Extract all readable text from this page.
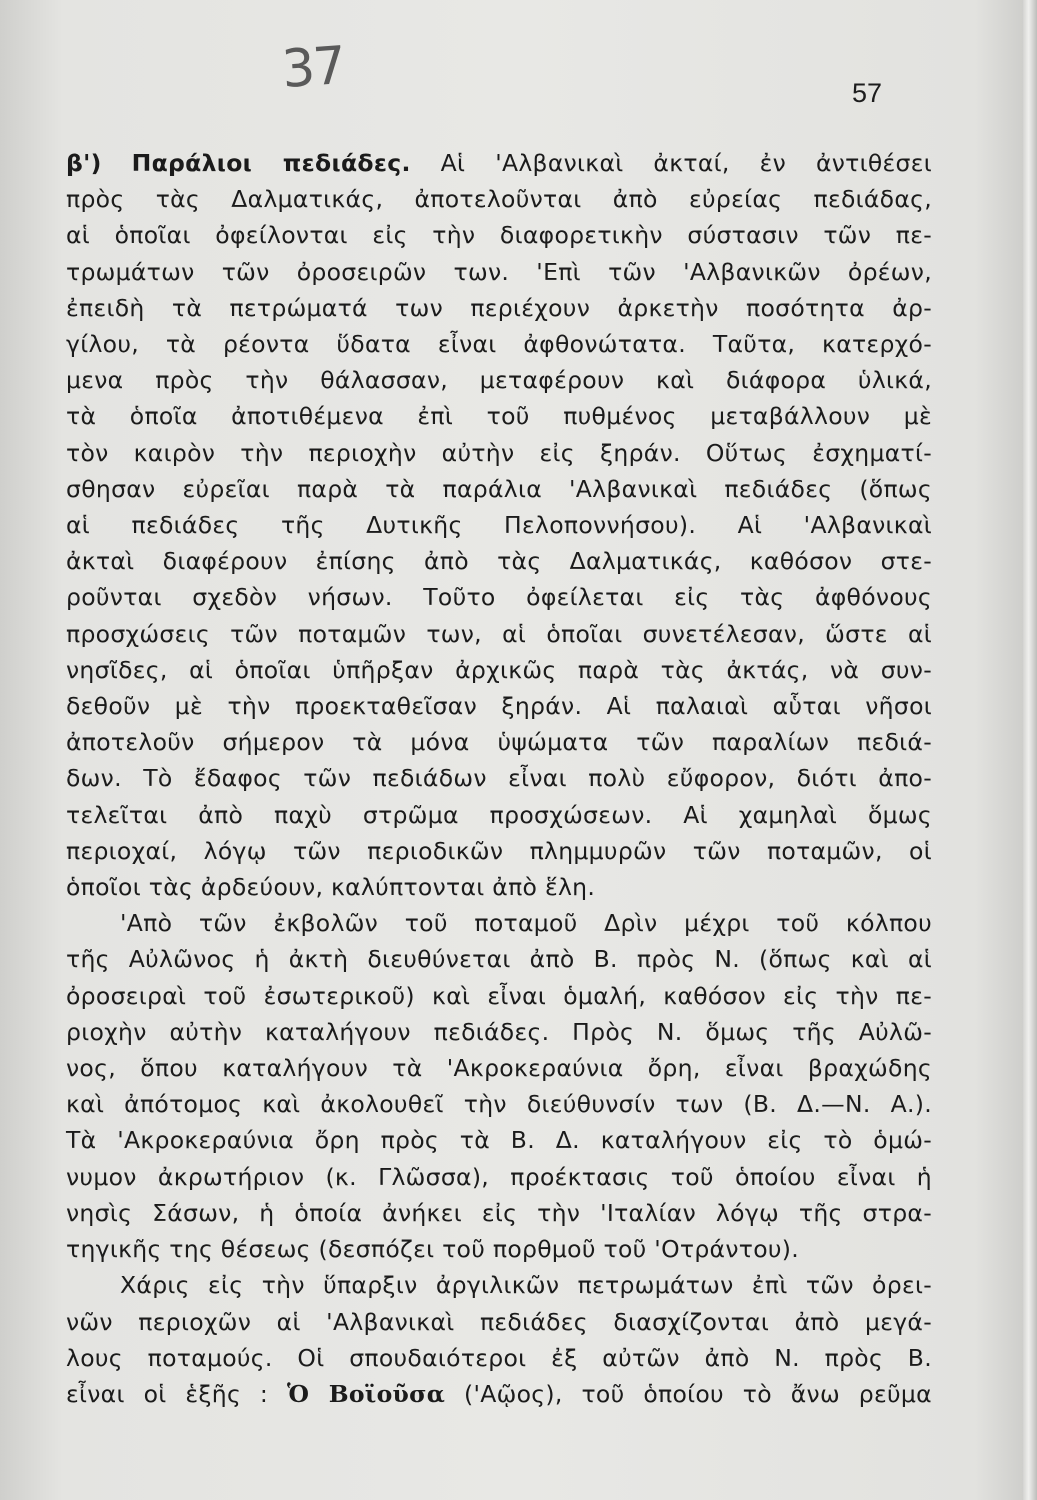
37	57

β') Παράλιοι πεδιάδες. Αἱ 'Αλβανικαὶ ἀκταί, ἐν ἀντιθέσει

πρὸς τὰς Δαλματικάς, ἀποτελοῦνται ἀπὸ εὐρείας πεδιάδας,

αἱ ὁποῖαι ὀφείλονται εἰς τὴν διαφορετικὴν σύστασιν τῶν πε-

τρωμάτων τῶν ὀροσειρῶν των. 'Επὶ τῶν 'Αλβανικῶν ὀρέων,

ἐπειδὴ τὰ πετρώματά των περιέχουν ἀρκετὴν ποσότητα ἀρ-

γίλου, τὰ ρέοντα ὕδατα εἶναι ἀφθονώτατα. Ταῦτα, κατερχό-

μενα πρὸς τὴν θάλασσαν, μεταφέρουν καὶ διάφορα ὑλικά,

τὰ ὁποῖα ἀποτιθέμενα ἐπὶ τοῦ πυθμένος μεταβάλλουν μὲ

τὸν καιρὸν τὴν περιοχὴν αὐτὴν εἰς ξηράν. Οὕτως ἐσχηματί-

σθησαν εὐρεῖαι παρὰ τὰ παράλια 'Αλβανικαὶ πεδιάδες (ὅπως

αἱ πεδιάδες τῆς Δυτικῆς Πελοποννήσου). Αἱ 'Αλβανικαὶ

ἀκταὶ διαφέρουν ἐπίσης ἀπὸ τὰς Δαλματικάς, καθόσον στε-

ροῦνται σχεδὸν νήσων. Τοῦτο ὀφείλεται εἰς τὰς ἀφθόνους

προσχώσεις τῶν ποταμῶν των, αἱ ὁποῖαι συνετέλεσαν, ὥστε αἱ

νησῖδες, αἱ ὁποῖαι ὑπῆρξαν ἀρχικῶς παρὰ τὰς ἀκτάς, νὰ συν-

δεθοῦν μὲ τὴν προεκταθεῖσαν ξηράν. Αἱ παλαιαὶ αὗται νῆσοι

ἀποτελοῦν σήμερον τὰ μόνα ὑψώματα τῶν παραλίων πεδιά-

δων. Τὸ ἔδαφος τῶν πεδιάδων εἶναι πολὺ εὔφορον, διότι ἀπο-

τελεῖται ἀπὸ παχὺ στρῶμα προσχώσεων. Αἱ χαμηλαὶ ὅμως

περιοχαί, λόγῳ τῶν περιοδικῶν πλημμυρῶν τῶν ποταμῶν, οἱ

ὁποῖοι τὰς ἀρδεύουν, καλύπτονται ἀπὸ ἕλη.

'Απὸ τῶν ἐκβολῶν τοῦ ποταμοῦ Δρὶν μέχρι τοῦ κόλπου

τῆς Αὐλῶνος ἡ ἀκτὴ διευθύνεται ἀπὸ Β. πρὸς Ν. (ὅπως καὶ αἱ

ὀροσειραὶ τοῦ ἐσωτερικοῦ) καὶ εἶναι ὁμαλή, καθόσον εἰς τὴν πε-

ριοχὴν αὐτὴν καταλήγουν πεδιάδες. Πρὸς Ν. ὅμως τῆς Αὐλῶ-

νος, ὅπου καταλήγουν τὰ 'Ακροκεραύνια ὄρη, εἶναι βραχώδης

καὶ ἀπότομος καὶ ἀκολουθεῖ τὴν διεύθυνσίν των (Β. Δ.—Ν. Α.).

Τὰ 'Ακροκεραύνια ὄρη πρὸς τὰ Β. Δ. καταλήγουν εἰς τὸ ὁμώ-

νυμον ἀκρωτήριον (κ. Γλῶσσα), προέκτασις τοῦ ὁποίου εἶναι ἡ

νησὶς Σάσων, ἡ ὁποία ἀνήκει εἰς τὴν 'Ιταλίαν λόγῳ τῆς στρα-

τηγικῆς της θέσεως (δεσπόζει τοῦ πορθμοῦ τοῦ 'Οτράντου).

Χάρις εἰς τὴν ὕπαρξιν ἀργιλικῶν πετρωμάτων ἐπὶ τῶν ὀρει-

νῶν περιοχῶν αἱ 'Αλβανικαὶ πεδιάδες διασχίζονται ἀπὸ μεγά-

λους ποταμούς. Οἱ σπουδαιότεροι ἐξ αὐτῶν ἀπὸ Ν. πρὸς Β.

εἶναι οἱ ἑξῆς : Ὁ Βοϊοῦσα ('Αῷος), τοῦ ὁποίου τὸ ἄνω ρεῦμα
